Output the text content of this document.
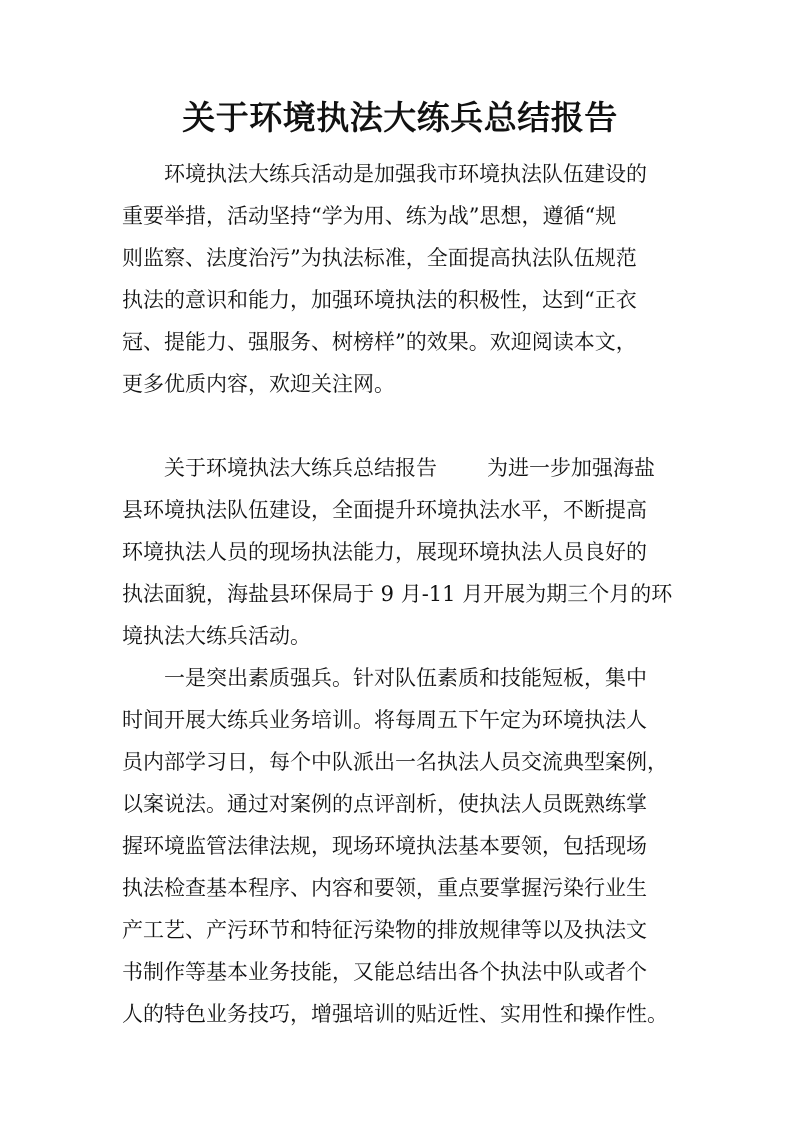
关于环境执法大练兵总结报告
环境执法大练兵活动是加强我市环境执法队伍建设的
重要举措，活动坚持“学为用、练为战”思想，遵循“规
则监察、法度治污”为执法标准，全面提高执法队伍规范
执法的意识和能力，加强环境执法的积极性，达到“正衣
冠、提能力、强服务、树榜样”的效果。欢迎阅读本文，
更多优质内容，欢迎关注网。
关于环境执法大练兵总结报告 为进一步加强海盐
县环境执法队伍建设，全面提升环境执法水平，不断提高
环境执法人员的现场执法能力，展现环境执法人员良好的
执法面貌，海盐县环保局于 9 月-11 月开展为期三个月的环
境执法大练兵活动。
一是突出素质强兵。针对队伍素质和技能短板，集中
时间开展大练兵业务培训。将每周五下午定为环境执法人
员内部学习日，每个中队派出一名执法人员交流典型案例，
以案说法。通过对案例的点评剖析，使执法人员既熟练掌
握环境监管法律法规，现场环境执法基本要领，包括现场
执法检查基本程序、内容和要领，重点要掌握污染行业生
产工艺、产污环节和特征污染物的排放规律等以及执法文
书制作等基本业务技能，又能总结出各个执法中队或者个
人的特色业务技巧，增强培训的贴近性、实用性和操作性。
